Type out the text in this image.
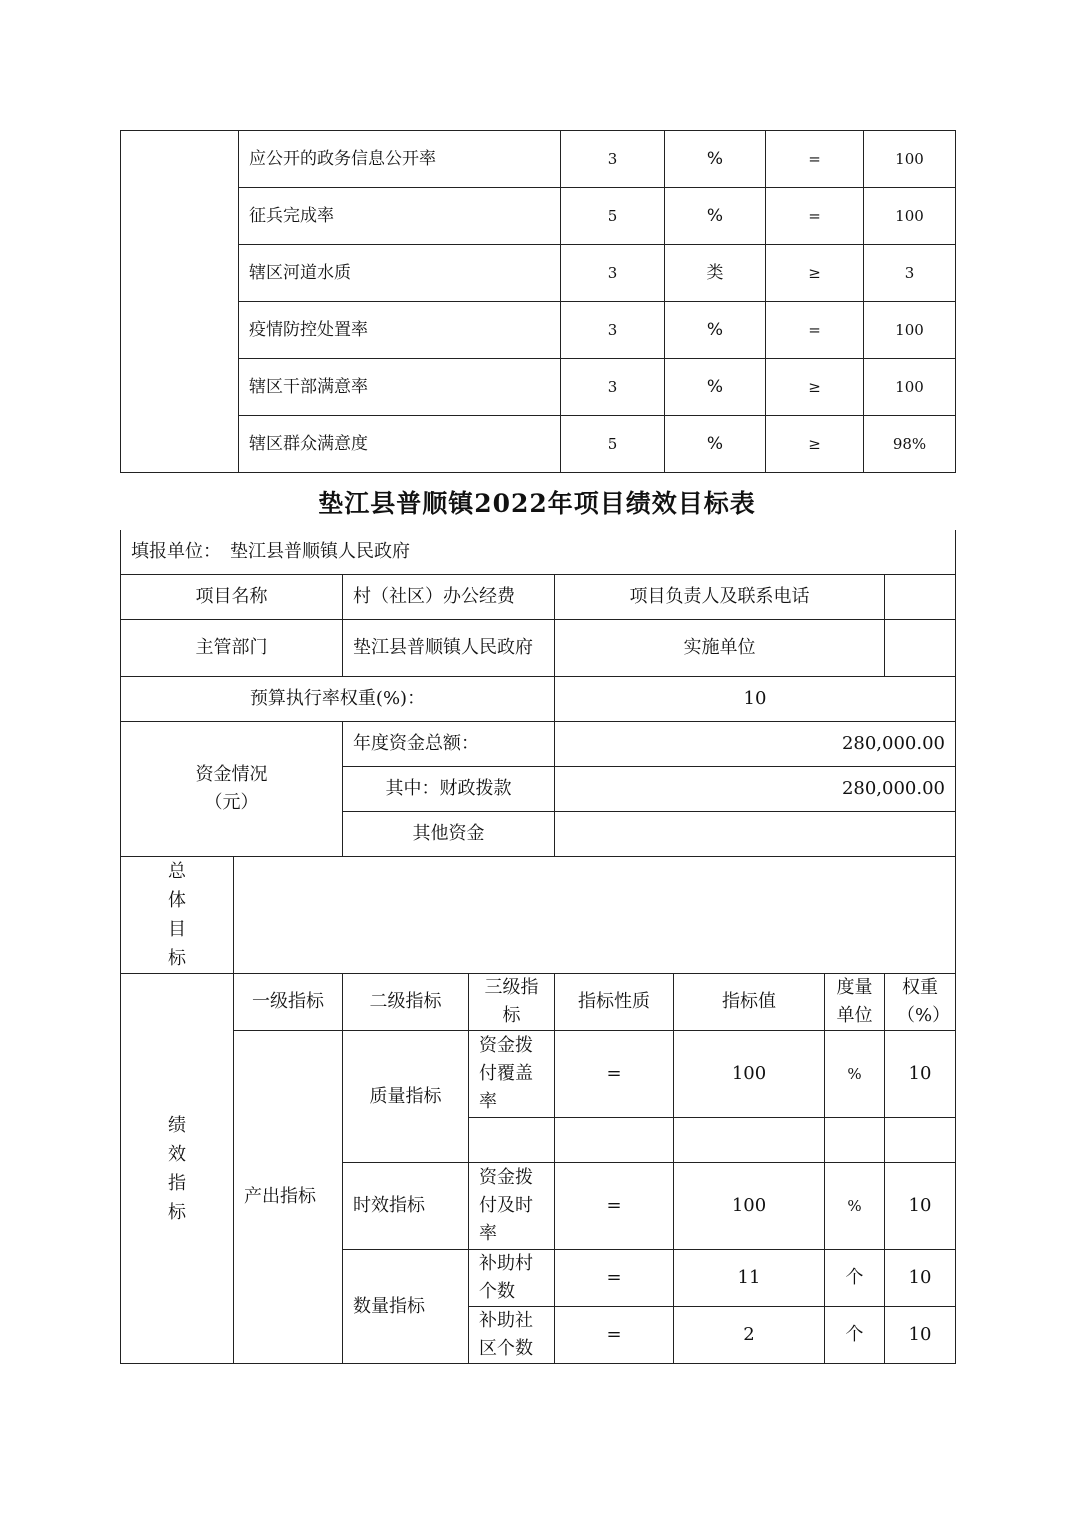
	应公开的政务信息公开率	3	%	=	100
	征兵完成率	5	%	=	100
	辖区河道水质	3	类	≥	3
	疫情防控处置率	3	%	=	100
	辖区干部满意率	3	%	≥	100
	辖区群众满意度	5	%	≥	98%
垫江县普顺镇2022年项目绩效目标表
填报单位：　垫江县普顺镇人民政府							
项目名称		村（社区）办公经费		项目负责人及联系电话			
主管部门		垫江县普顺镇人民政府		实施单位			
预算执行率权重(%)：				10			
资金情况（元）		年度资金总额：		280,000.00			
		其中：财政拨款		280,000.00			
		其他资金					
总体目标							
绩效指标	一级指标	二级指标	三级指标	指标性质	指标值	度量单位	权重（%）
	产出指标	质量指标	资金拨付覆盖率	=	100	%	10

		时效指标	资金拨付及时率	=	100	%	10
		数量指标	补助村个数	=	11	个	10
			补助社区个数	=	2	个	10
